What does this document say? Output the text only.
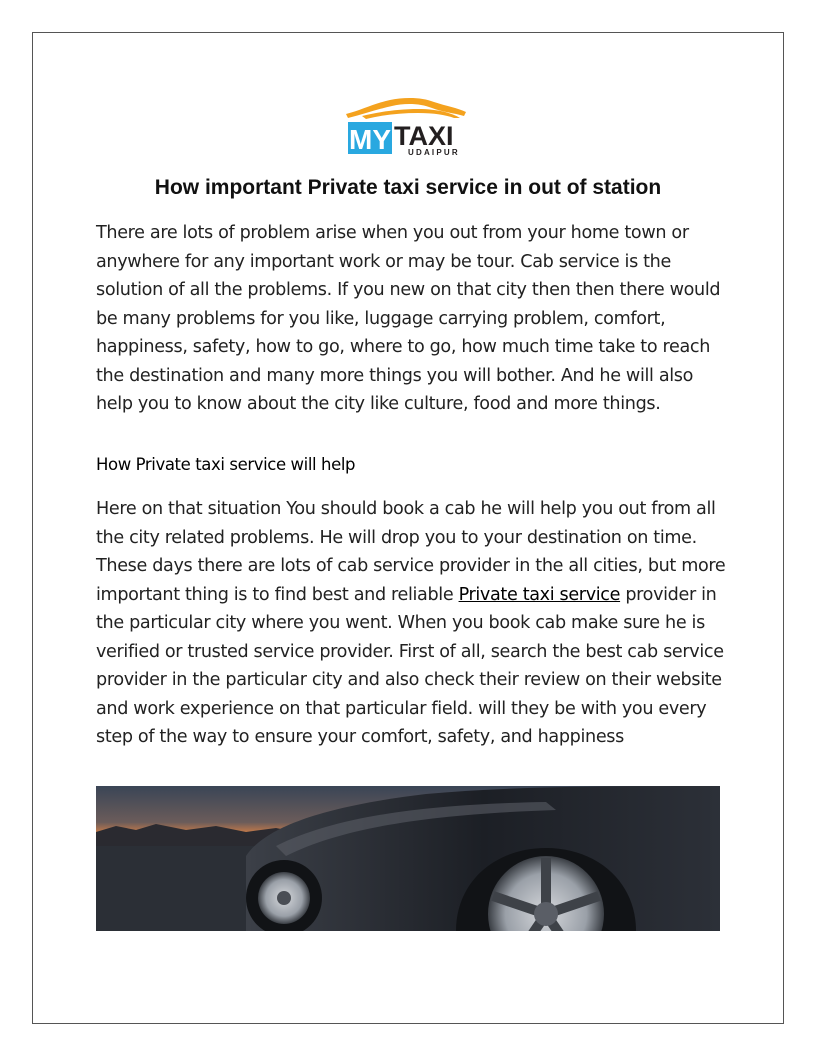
MY TAXI
UDAIPUR
How important Private taxi service in out of station

There are lots of problem arise when you out from your home town or anywhere for any important work or may be tour. Cab service is the solution of all the problems. If you new on that city then then there would be many problems for you like, luggage carrying problem, comfort, happiness, safety, how to go, where to go, how much time take to reach the destination and many more things you will bother. And he will also help you to know about the city like culture, food and more things.

How Private taxi service will help

Here on that situation You should book a cab he will help you out from all the city related problems. He will drop you to your destination on time. These days there are lots of cab service provider in the all cities, but more important thing is to find best and reliable Private taxi service provider in the particular city where you went. When you book cab make sure he is verified or trusted service provider. First of all, search the best cab service provider in the particular city and also check their review on their website and work experience on that particular field. will they be with you every step of the way to ensure your comfort, safety, and happiness
